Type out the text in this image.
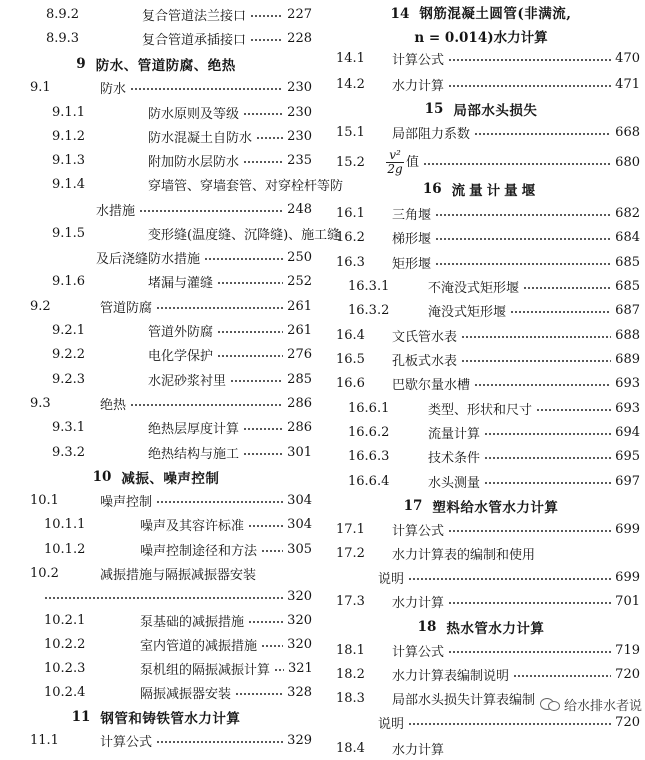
8.9.2	复合管道法兰接口	227
8.9.3	复合管道承插接口	228
9 防水、管道防腐、绝热
9.1	防水	230
9.1.1	防水原则及等级	230
9.1.2	防水混凝土自防水	230
9.1.3	附加防水层防水	235
9.1.4	穿墙管、穿墙套管、对穿栓杆等防
水措施	248
9.1.5	变形缝(温度缝、沉降缝)、施工缝
及后浇缝防水措施	250
9.1.6	堵漏与灌缝	252
9.2	管道防腐	261
9.2.1	管道外防腐	261
9.2.2	电化学保护	276
9.2.3	水泥砂浆衬里	285
9.3	绝热	286
9.3.1	绝热层厚度计算	286
9.3.2	绝热结构与施工	301
10 减振、噪声控制
10.1	噪声控制	304
10.1.1	噪声及其容许标准	304
10.1.2	噪声控制途径和方法 305
10.2	减振措施与隔振减振器安装
320
10.2.1	泵基础的减振措施	320
10.2.2	室内管道的减振措施 320
10.2.3	泵机组的隔振减振计算 321
10.2.4	隔振减振器安装	328
11 钢管和铸铁管水力计算
11.1	计算公式	329
14 钢筋混凝土圆管(非满流,
n = 0.014)水力计算
14.1	计算公式	470
14.2	水力计算	471
15 局部水头损失
15.1	局部阻力系数	668
15.2	$\frac{\text{v²}}{2g}$ 值	680
16 流量计量堰
16.1	三角堰	682
16.2	梯形堰	684
16.3	矩形堰	685
16.3.1	不淹没式矩形堰	685
16.3.2	淹没式矩形堰	687
16.4	文氏管水表	688
16.5	孔板式水表	689
16.6	巴歇尔量水槽	693
16.6.1	类型、形状和尺寸	693
16.6.2	流量计算	694
16.6.3	技术条件	695
16.6.4	水头测量	697
17 塑料给水管水力计算
17.1	计算公式	699
17.2	水力计算表的编制和使用
说明	699
17.3	水力计算	701
18 热水管水力计算
18.1	计算公式	719
18.2	水力计算表编制说明	720
18.3	局部水头损失计算表编制
说明	720
18.4	水力计算
给水排水者说
